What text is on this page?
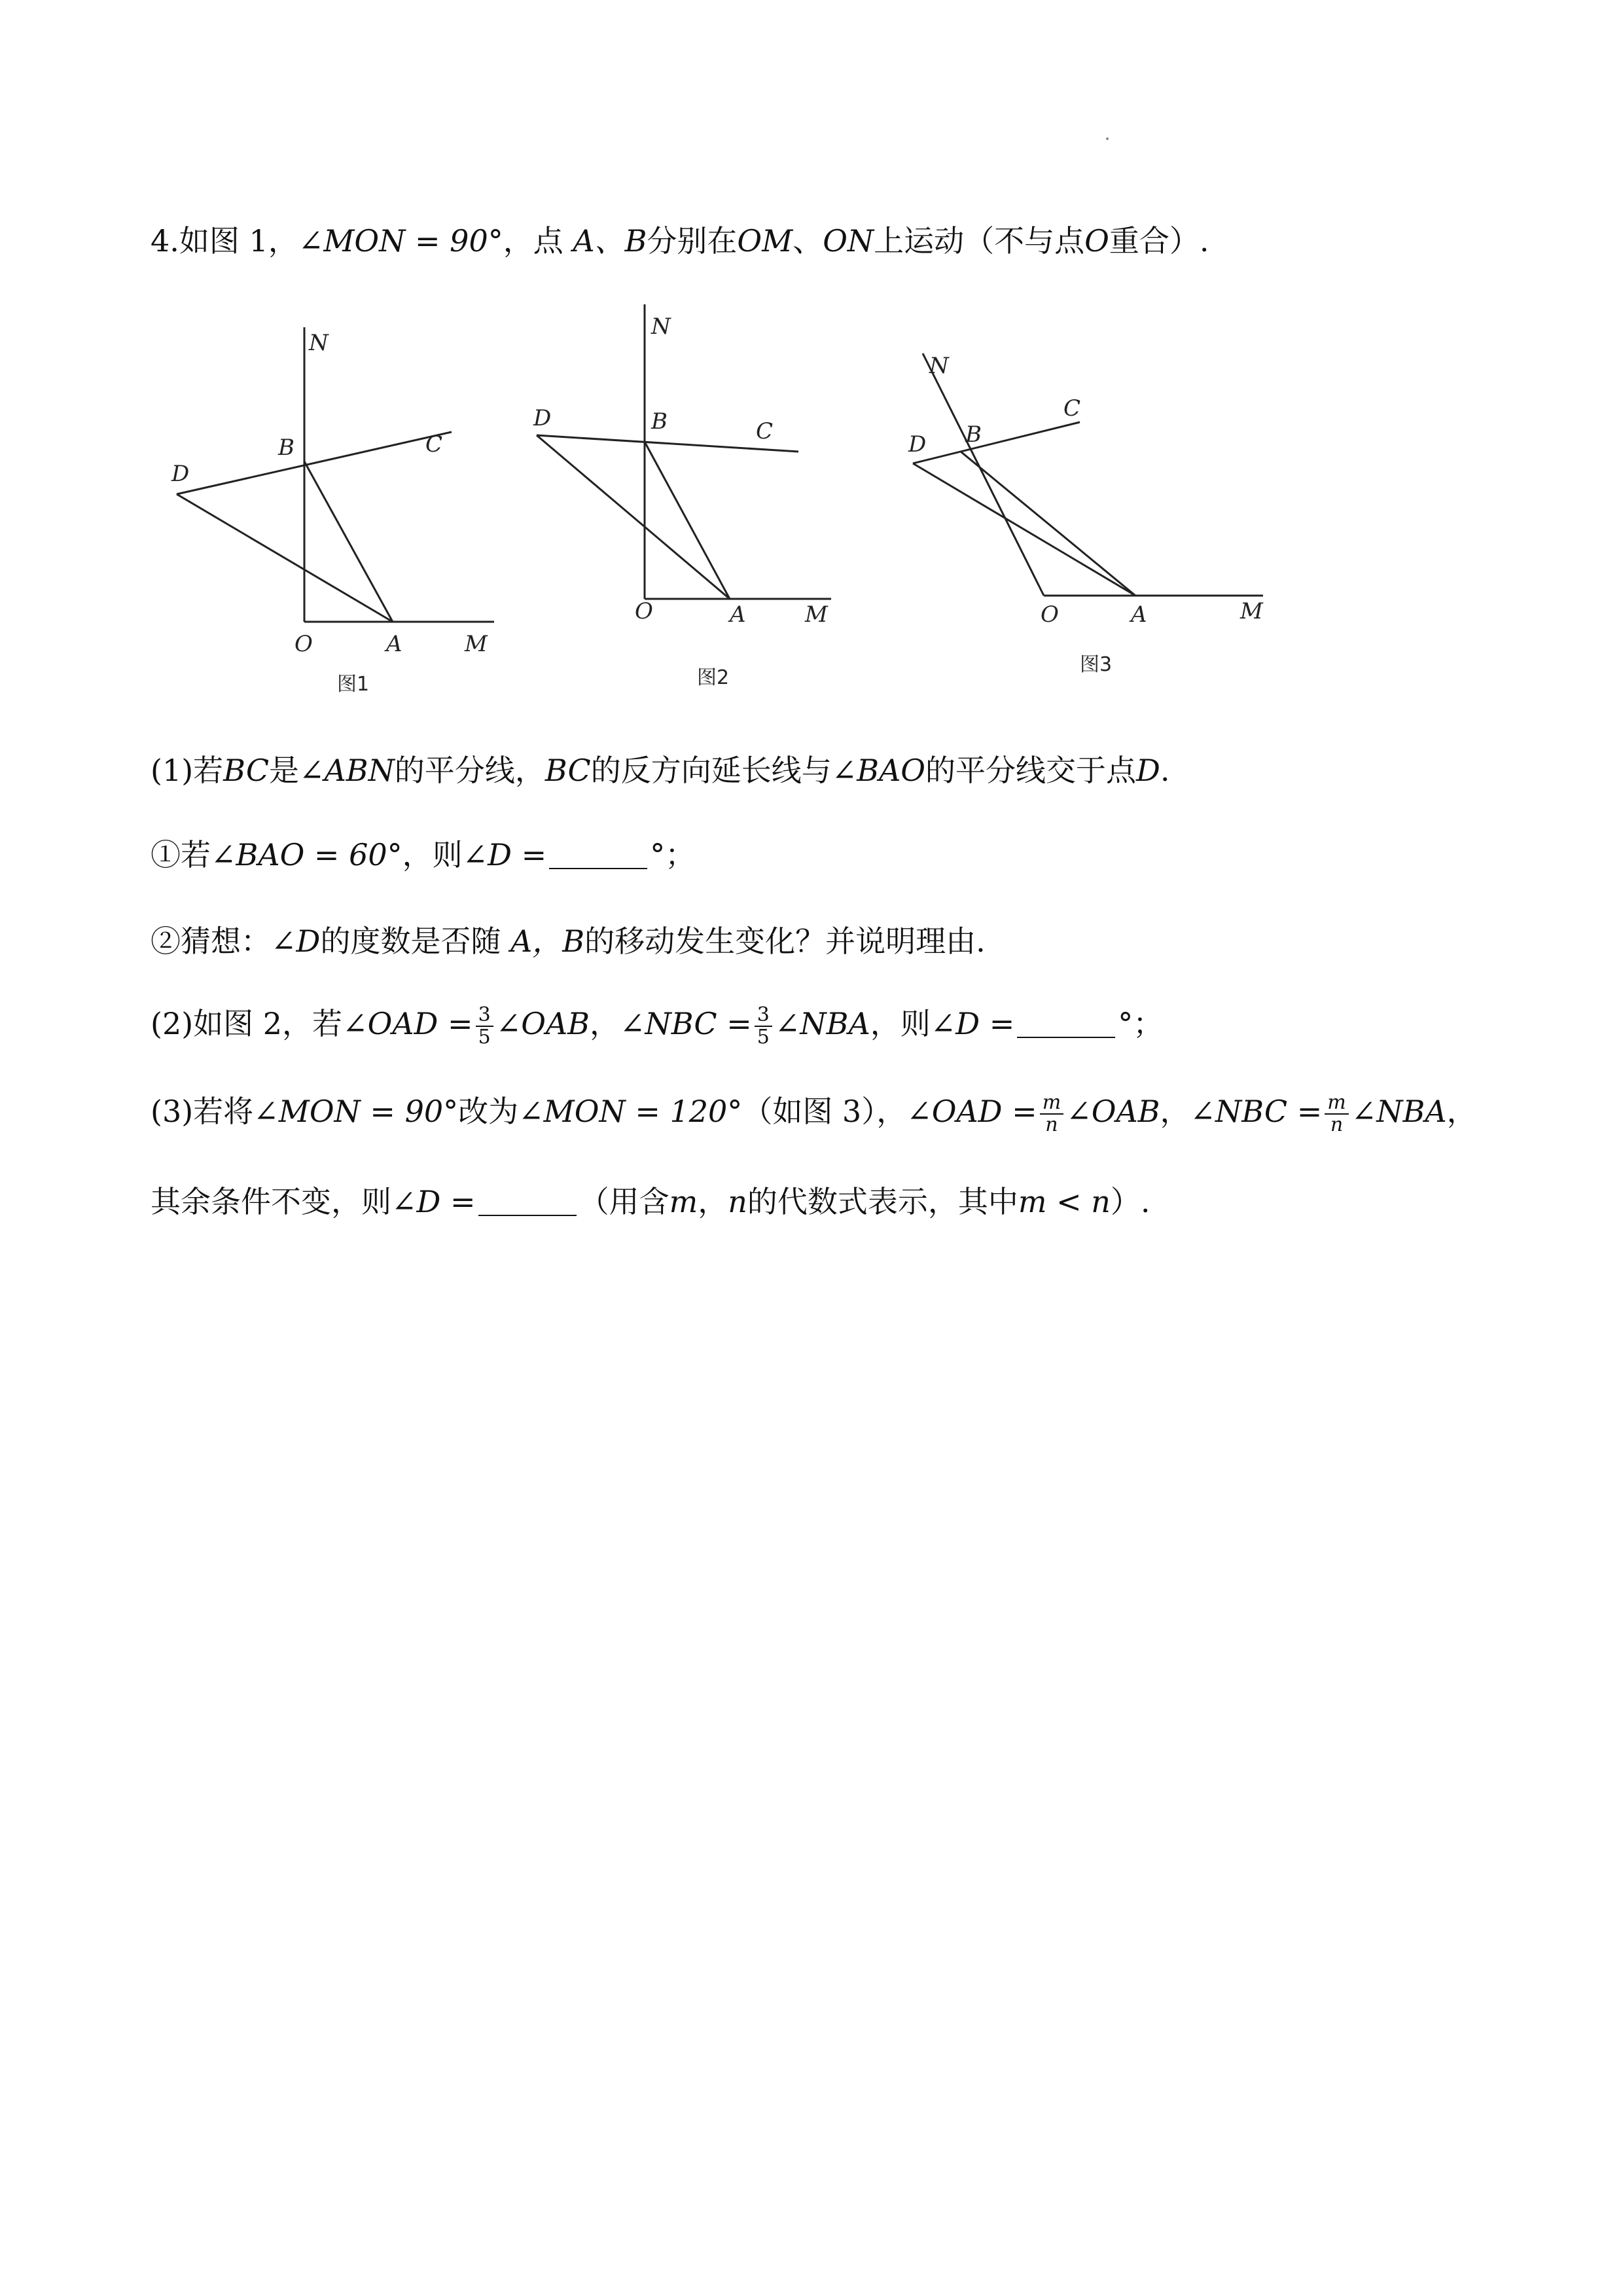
4.如图 1，∠MON = 90°，点 A、B分别在OM、ON上运动（不与点O重合）.
N
B	C
D
O	A	M
图1
N
B	C
D
O	A	M
图2
N
B
C
D
O	A	M
图3
(1)若BC是∠ABN的平分线，BC的反方向延长线与∠BAO的平分线交于点D.
①若∠BAO = 60°，则∠D =	°；
②猜想：∠D的度数是否随 A，B的移动发生变化？并说明理由.
(2)如图 2，若∠OAD = $\frac{3}{5}$ ∠OAB，∠NBC = $\frac{3}{5}$ ∠NBA，则∠D =	°；
(3)若将∠MON = 90°改为∠MON = 120°（如图 3），∠OAD = $\frac{m}{n}$ ∠OAB，∠NBC = $\frac{m}{n}$ ∠NBA，
其余条件不变，则∠D =	（用含m，n的代数式表示，其中m < n）.
